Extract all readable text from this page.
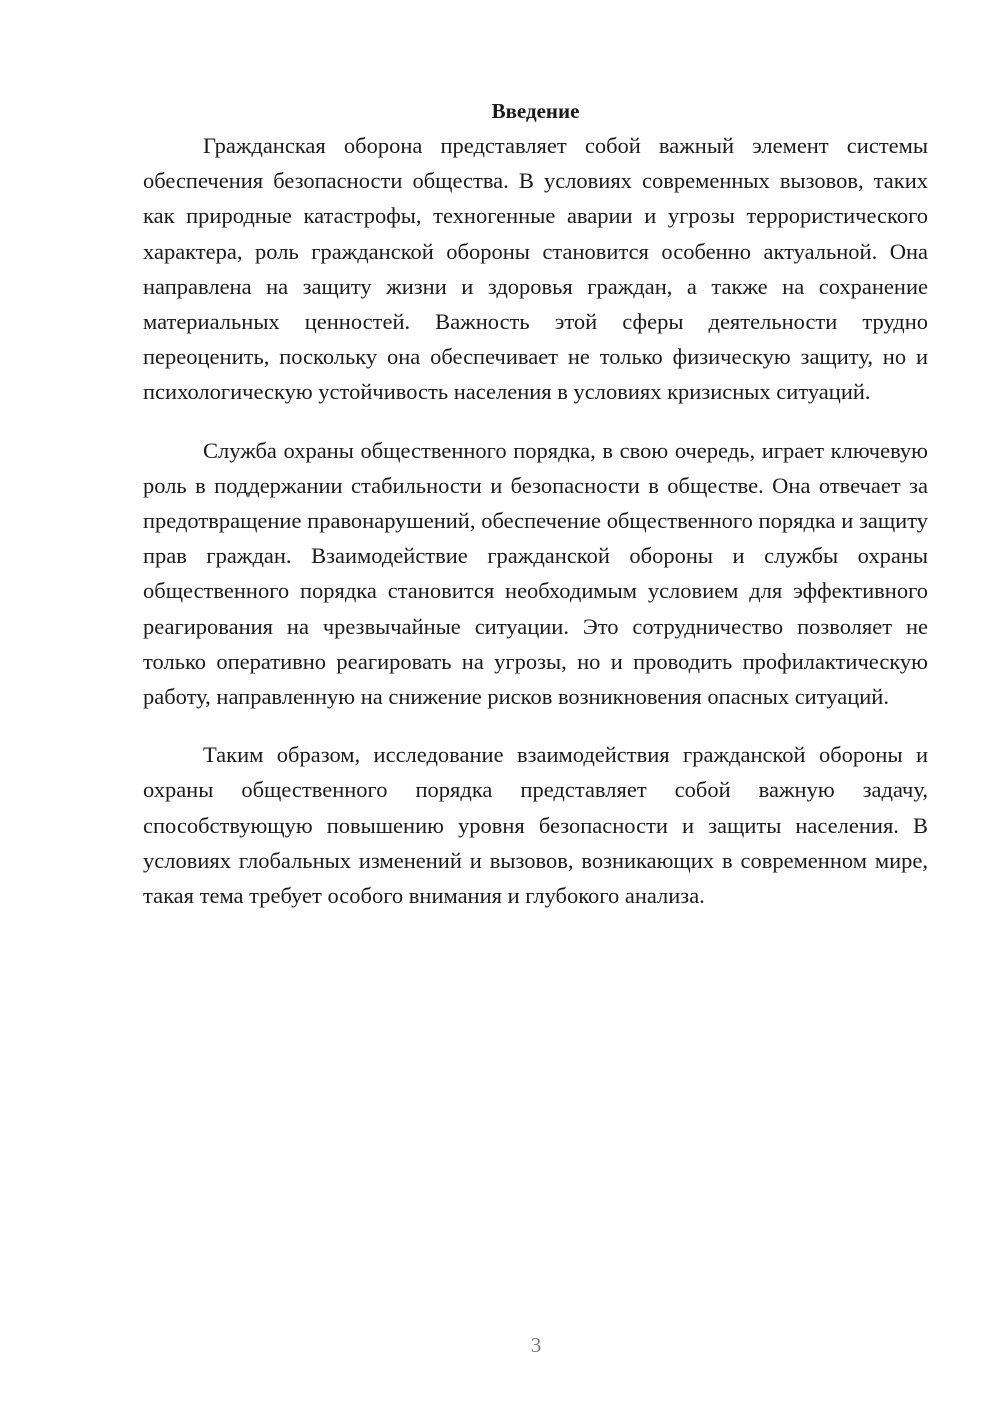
Введение

Гражданская оборона представляет собой важный элемент системы обеспечения безопасности общества. В условиях современных вызовов, таких как природные катастрофы, техногенные аварии и угрозы террористического характера, роль гражданской обороны становится особенно актуальной. Она направлена на защиту жизни и здоровья граждан, а также на сохранение материальных ценностей. Важность этой сферы деятельности трудно переоценить, поскольку она обеспечивает не только физическую защиту, но и психологическую устойчивость населения в условиях кризисных ситуаций.

Служба охраны общественного порядка, в свою очередь, играет ключевую роль в поддержании стабильности и безопасности в обществе. Она отвечает за предотвращение правонарушений, обеспечение общественного порядка и защиту прав граждан. Взаимодействие гражданской обороны и службы охраны общественного порядка становится необходимым условием для эффективного реагирования на чрезвычайные ситуации. Это сотрудничество позволяет не только оперативно реагировать на угрозы, но и проводить профилактическую работу, направленную на снижение рисков возникновения опасных ситуаций.

Таким образом, исследование взаимодействия гражданской обороны и охраны общественного порядка представляет собой важную задачу, способствующую повышению уровня безопасности и защиты населения. В условиях глобальных изменений и вызовов, возникающих в современном мире, такая тема требует особого внимания и глубокого анализа.

3
